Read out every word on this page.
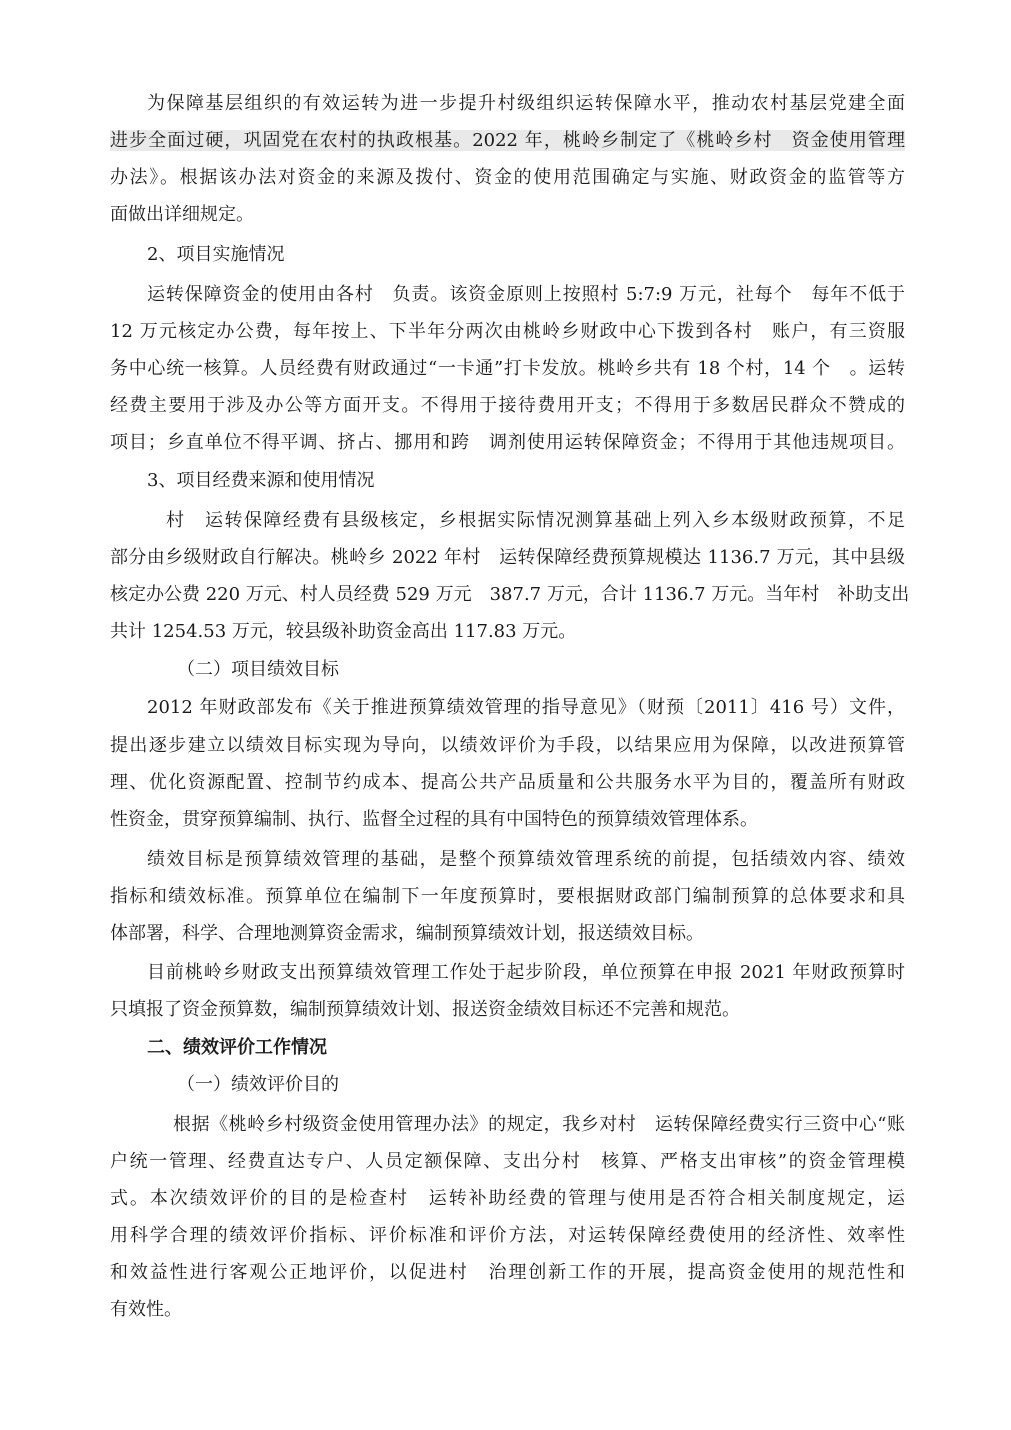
为保障基层组织的有效运转为进一步提升村级组织运转保障水平，推动农村基层党建全面
进步全面过硬，巩固党在农村的执政根基。2022 年，桃岭乡制定了《桃岭乡村　资金使用管理
办法》。根据该办法对资金的来源及拨付、资金的使用范围确定与实施、财政资金的监管等方
面做出详细规定。
2、项目实施情况
运转保障资金的使用由各村　负责。该资金原则上按照村 5:7:9 万元，社每个　每年不低于
12 万元核定办公费，每年按上、下半年分两次由桃岭乡财政中心下拨到各村　账户，有三资服
务中心统一核算。人员经费有财政通过“一卡通”打卡发放。桃岭乡共有 18 个村，14 个　。运转
经费主要用于涉及办公等方面开支。不得用于接待费用开支；不得用于多数居民群众不赞成的
项目；乡直单位不得平调、挤占、挪用和跨　调剂使用运转保障资金；不得用于其他违规项目。
3、项目经费来源和使用情况
村　运转保障经费有县级核定，乡根据实际情况测算基础上列入乡本级财政预算，不足
部分由乡级财政自行解决。桃岭乡 2022 年村　运转保障经费预算规模达 1136.7 万元，其中县级
核定办公费 220 万元、村人员经费 529 万元　387.7 万元，合计 1136.7 万元。当年村　补助支出
共计 1254.53 万元，较县级补助资金高出 117.83 万元。
（二）项目绩效目标
2012 年财政部发布《关于推进预算绩效管理的指导意见》（财预〔2011〕416 号）文件，
提出逐步建立以绩效目标实现为导向，以绩效评价为手段，以结果应用为保障，以改进预算管
理、优化资源配置、控制节约成本、提高公共产品质量和公共服务水平为目的，覆盖所有财政
性资金，贯穿预算编制、执行、监督全过程的具有中国特色的预算绩效管理体系。
绩效目标是预算绩效管理的基础，是整个预算绩效管理系统的前提，包括绩效内容、绩效
指标和绩效标准。预算单位在编制下一年度预算时，要根据财政部门编制预算的总体要求和具
体部署，科学、合理地测算资金需求，编制预算绩效计划，报送绩效目标。
目前桃岭乡财政支出预算绩效管理工作处于起步阶段，单位预算在申报 2021 年财政预算时
只填报了资金预算数，编制预算绩效计划、报送资金绩效目标还不完善和规范。
二、绩效评价工作情况
（一）绩效评价目的
根据《桃岭乡村级资金使用管理办法》的规定，我乡对村　运转保障经费实行三资中心“账
户统一管理、经费直达专户、人员定额保障、支出分村　核算、严格支出审核”的资金管理模
式。本次绩效评价的目的是检查村　运转补助经费的管理与使用是否符合相关制度规定，运
用科学合理的绩效评价指标、评价标准和评价方法，对运转保障经费使用的经济性、效率性
和效益性进行客观公正地评价，以促进村　治理创新工作的开展，提高资金使用的规范性和
有效性。
